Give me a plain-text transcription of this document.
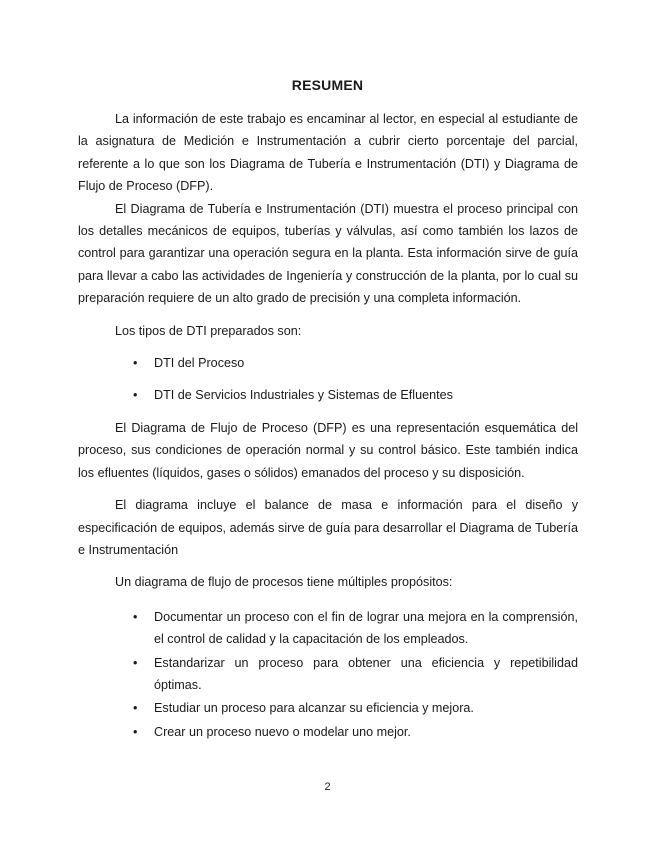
RESUMEN

La información de este trabajo es encaminar al lector, en especial al estudiante de la asignatura de Medición e Instrumentación a cubrir cierto porcentaje del parcial, referente a lo que son los Diagrama de Tubería e Instrumentación (DTI) y Diagrama de Flujo de Proceso (DFP).

El Diagrama de Tubería e Instrumentación (DTI) muestra el proceso principal con los detalles mecánicos de equipos, tuberías y válvulas, así como también los lazos de control para garantizar una operación segura en la planta. Esta información sirve de guía para llevar a cabo las actividades de Ingeniería y construcción de la planta, por lo cual su preparación requiere de un alto grado de precisión y una completa información.

Los tipos de DTI preparados son:

• DTI del Proceso
• DTI de Servicios Industriales y Sistemas de Efluentes

El Diagrama de Flujo de Proceso (DFP) es una representación esquemática del proceso, sus condiciones de operación normal y su control básico. Este también indica los efluentes (líquidos, gases o sólidos) emanados del proceso y su disposición.

El diagrama incluye el balance de masa e información para el diseño y especificación de equipos, además sirve de guía para desarrollar el Diagrama de Tubería e Instrumentación

Un diagrama de flujo de procesos tiene múltiples propósitos:

• Documentar un proceso con el fin de lograr una mejora en la comprensión, el control de calidad y la capacitación de los empleados.
• Estandarizar un proceso para obtener una eficiencia y repetibilidad óptimas.
• Estudiar un proceso para alcanzar su eficiencia y mejora.
• Crear un proceso nuevo o modelar uno mejor.
2
